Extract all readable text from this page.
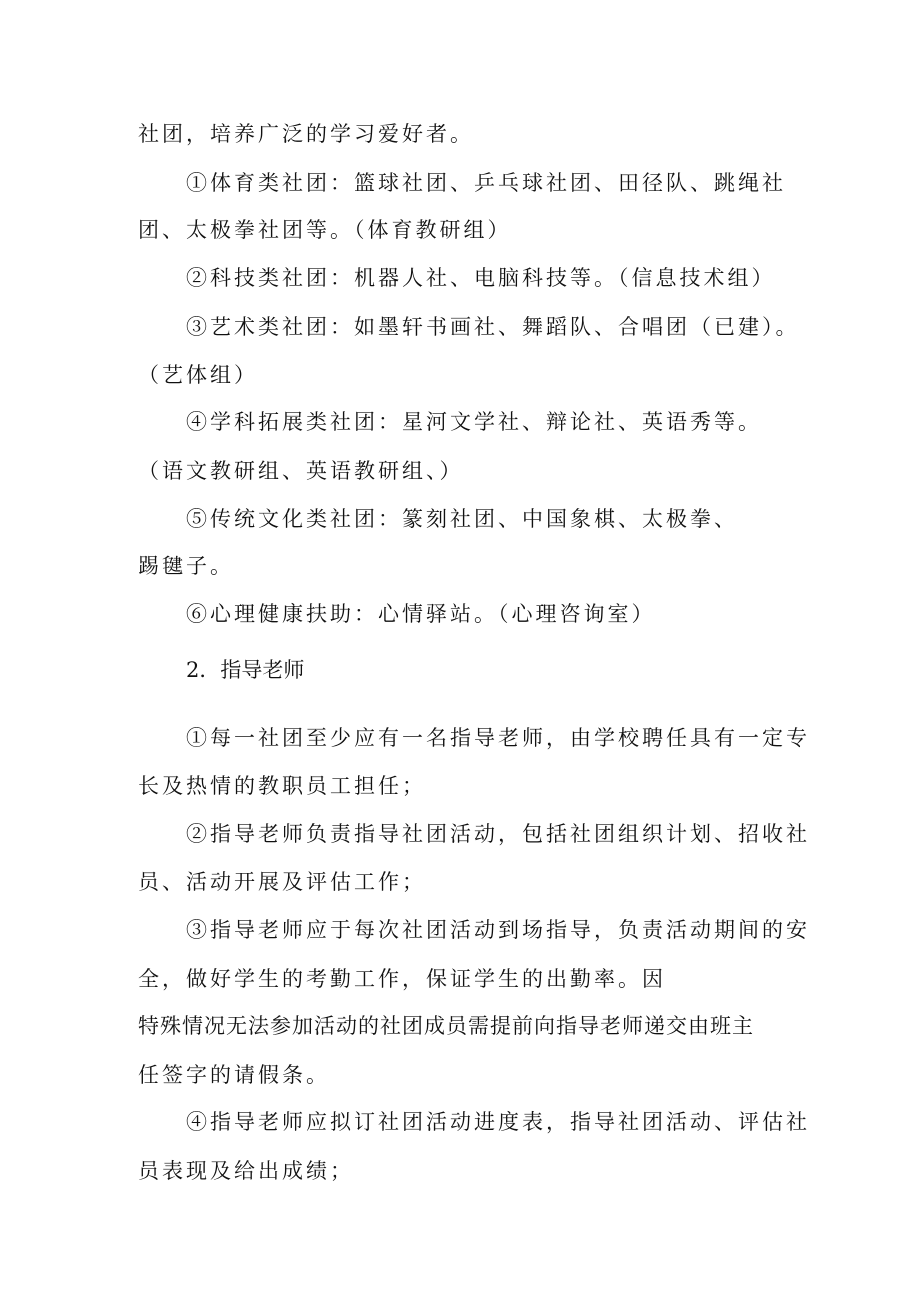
社团，培养广泛的学习爱好者。

①体育类社团：篮球社团、乒乓球社团、田径队、跳绳社

团、太极拳社团等。（体育教研组）

②科技类社团：机器人社、电脑科技等。（信息技术组）

③艺术类社团：如墨轩书画社、舞蹈队、合唱团（已建）。

（艺体组）

④学科拓展类社团：星河文学社、辩论社、英语秀等。

（语文教研组、英语教研组、）

⑤传统文化类社团：篆刻社团、中国象棋、太极拳、

踢毽子。

⑥心理健康扶助：心情驿站。（心理咨询室）

2．指导老师

①每一社团至少应有一名指导老师，由学校聘任具有一定专

长及热情的教职员工担任；

②指导老师负责指导社团活动，包括社团组织计划、招收社

员、活动开展及评估工作；

③指导老师应于每次社团活动到场指导，负责活动期间的安

全，做好学生的考勤工作，保证学生的出勤率。因

特殊情况无法参加活动的社团成员需提前向指导老师递交由班主

任签字的请假条。

④指导老师应拟订社团活动进度表，指导社团活动、评估社

员表现及给出成绩；
